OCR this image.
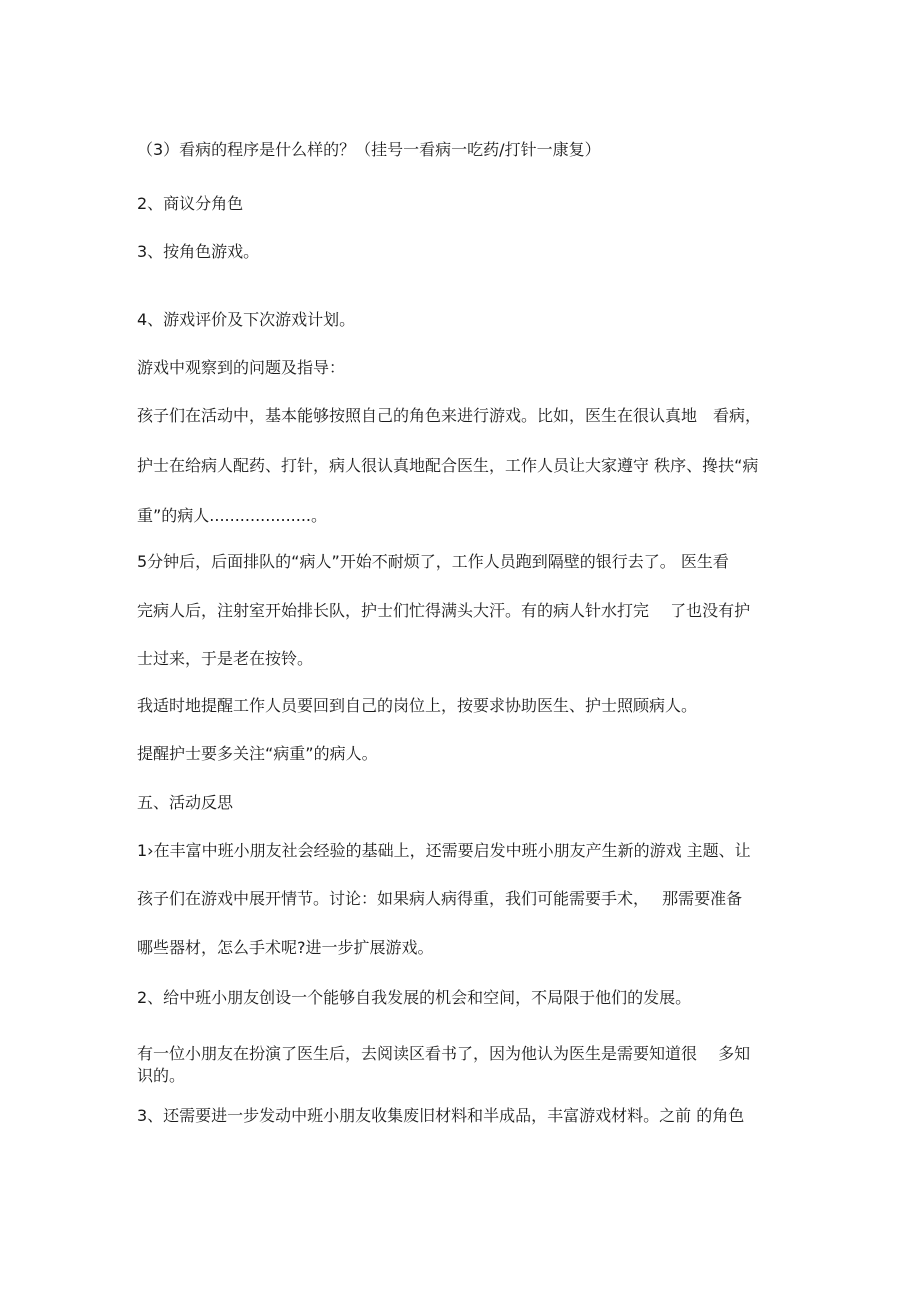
（3）看病的程序是什么样的？（挂号一看病一吃药/打针一康复）

2、商议分角色

3、按角色游戏。

4、游戏评价及下次游戏计划。

游戏中观察到的问题及指导：

孩子们在活动中，基本能够按照自己的角色来进行游戏。比如，医生在很认真地　看病，

护士在给病人配药、打针，病人很认真地配合医生，工作人员让大家遵守 秩序、搀扶“病

重”的病人....................。

5分钟后，后面排队的“病人”开始不耐烦了，工作人员跑到隔壁的银行去了。 医生看

完病人后，注射室开始排长队，护士们忙得满头大汗。有的病人针水打完　 了也没有护

士过来，于是老在按铃。

我适时地提醒工作人员要回到自己的岗位上，按要求协助医生、护士照顾病人。

提醒护士要多关注“病重”的病人。

五、活动反思

1›在丰富中班小朋友社会经验的基础上，还需要启发中班小朋友产生新的游戏 主题、让

孩子们在游戏中展开情节。讨论：如果病人病得重，我们可能需要手术，　 那需要准备

哪些器材，怎么手术呢?进一步扩展游戏。

2、给中班小朋友创设一个能够自我发展的机会和空间，不局限于他们的发展。

有一位小朋友在扮演了医生后，去阅读区看书了，因为他认为医生是需要知道很　 多知

识的。

3、还需要进一步发动中班小朋友收集废旧材料和半成品，丰富游戏材料。之前 的角色
